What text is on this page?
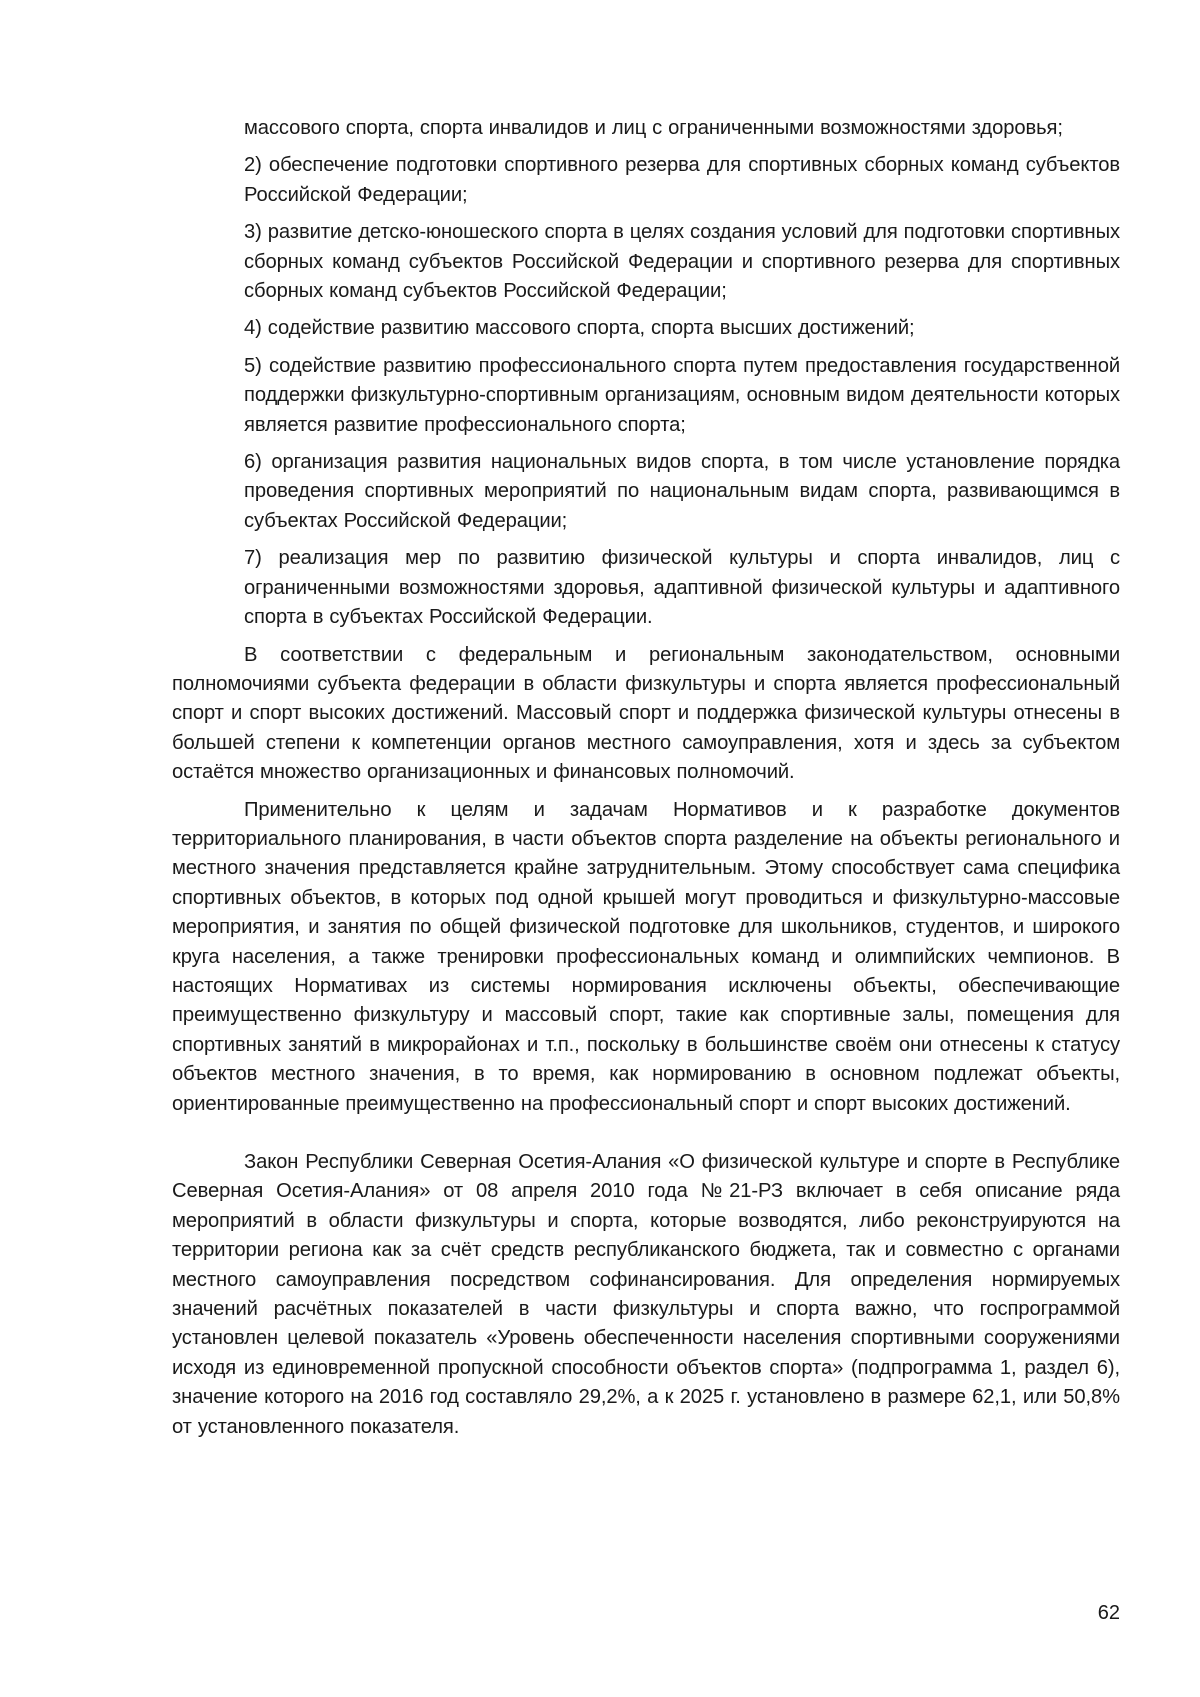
массового спорта, спорта инвалидов и лиц с ограниченными возможностями здоровья;

2) обеспечение подготовки спортивного резерва для спортивных сборных команд субъектов Российской Федерации;

3) развитие детско-юношеского спорта в целях создания условий для подготовки спортивных сборных команд субъектов Российской Федерации и спортивного резерва для спортивных сборных команд субъектов Российской Федерации;

4) содействие развитию массового спорта, спорта высших достижений;

5) содействие развитию профессионального спорта путем предоставления государственной поддержки физкультурно-спортивным организациям, основным видом деятельности которых является развитие профессионального спорта;

6) организация развития национальных видов спорта, в том числе установление порядка проведения спортивных мероприятий по национальным видам спорта, развивающимся в субъектах Российской Федерации;

7) реализация мер по развитию физической культуры и спорта инвалидов, лиц с ограниченными возможностями здоровья, адаптивной физической культуры и адаптивного спорта в субъектах Российской Федерации.

В соответствии с федеральным и региональным законодательством, основными полномочиями субъекта федерации в области физкультуры и спорта является профессиональный спорт и спорт высоких достижений. Массовый спорт и поддержка физической культуры отнесены в большей степени к компетенции органов местного самоуправления, хотя и здесь за субъектом остаётся множество организационных и финансовых полномочий.

Применительно к целям и задачам Нормативов и к разработке документов территориального планирования, в части объектов спорта разделение на объекты регионального и местного значения представляется крайне затруднительным. Этому способствует сама специфика спортивных объектов, в которых под одной крышей могут проводиться и физкультурно-массовые мероприятия, и занятия по общей физической подготовке для школьников, студентов, и широкого круга населения, а также тренировки профессиональных команд и олимпийских чемпионов. В настоящих Нормативах из системы нормирования исключены объекты, обеспечивающие преимущественно физкультуру и массовый спорт, такие как спортивные залы, помещения для спортивных занятий в микрорайонах и т.п., поскольку в большинстве своём они отнесены к статусу объектов местного значения, в то время, как нормированию в основном подлежат объекты, ориентированные преимущественно на профессиональный спорт и спорт высоких достижений.

Закон Республики Северная Осетия-Алания «О физической культуре и спорте в Республике Северная Осетия-Алания» от 08 апреля 2010 года №21-РЗ включает в себя описание ряда мероприятий в области физкультуры и спорта, которые возводятся, либо реконструируются на территории региона как за счёт средств республиканского бюджета, так и совместно с органами местного самоуправления посредством софинансирования. Для определения нормируемых значений расчётных показателей в части физкультуры и спорта важно, что госпрограммой установлен целевой показатель «Уровень обеспеченности населения спортивными сооружениями исходя из единовременной пропускной способности объектов спорта» (подпрограмма 1, раздел 6), значение которого на 2016 год составляло 29,2%, а к 2025 г. установлено в размере 62,1, или 50,8% от установленного показателя.

62
